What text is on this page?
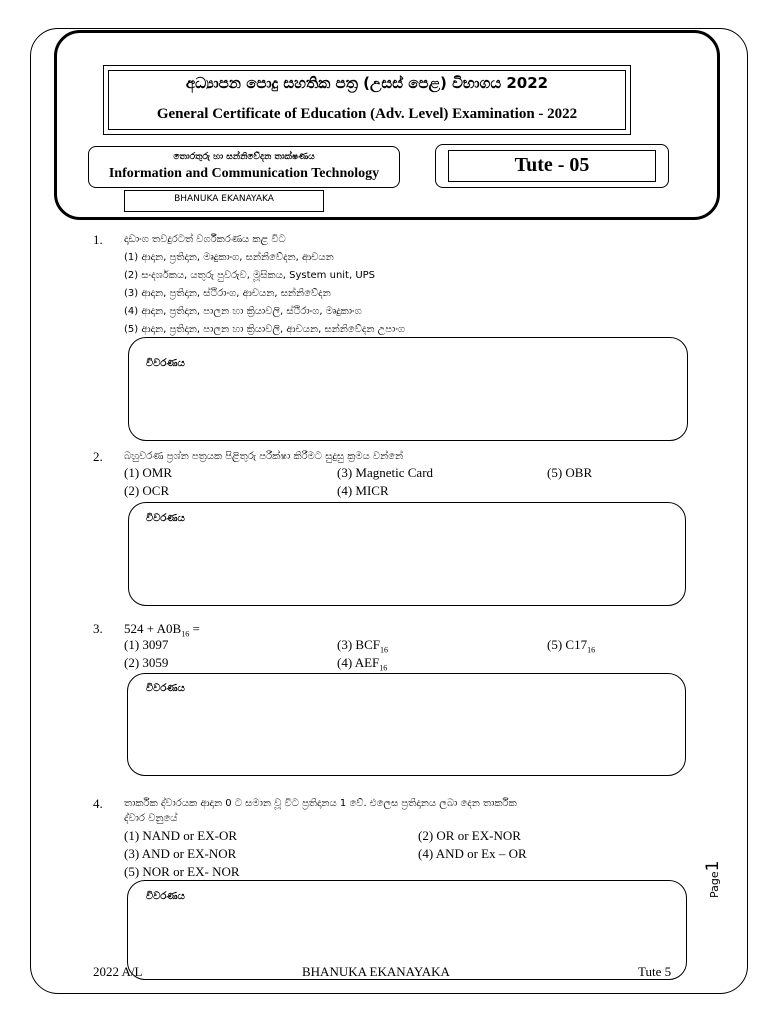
අධ්‍යාපන පොදු සහතික පත්‍ර (උසස් පෙළ) විභාගය 2022
General Certificate of Education (Adv. Level) Examination - 2022
තොරතුරු හා සන්නිවේදන තාක්ෂණය
Information and Communication Technology
BHANUKA EKANAYAKA
Tute - 05
1. දෘඩාංග තවදුරටත් වර්ගීකරණය කළ විට
(1) ආදාන, ප්‍රතිදාන, මෘදුකාංග, සන්නිවේදන, ආචයන
(2) සංදර්ශකය, යතුරු පුවරුව, මූසිකය, System unit, UPS
(3) ආදාන, ප්‍රතිදාන, ස්ථිරාංග, ආචයන, සන්නිවේදන
(4) ආදාන, ප්‍රතිදාන, පාලන හා ක්‍රියාවලි, ස්ථිරාංග, මෘදුකාංග
(5) ආදාන, ප්‍රතිදාන, පාලන හා ක්‍රියාවලි, ආචයන, සන්නිවේදන උපාංග
විවරණය
2. බහුවරණ ප්‍රශ්න පත්‍රයක පිළිතුරු පරීක්ෂා කිරීමට සුදුසු ක්‍රමය වන්නේ
(1) OMR	(3) Magnetic Card	(5) OBR
(2) OCR	(4) MICR
විවරණය
3. $524 + A0B_{16}$ =
(1) 3097	(3) $BCF_{16}$	(5) $C17_{16}$
(2) 3059	(4) $AEF_{16}$
විවරණය
4. තාර්කික ද්වාරයක ආදාන 0 ට සමාන වූ විට ප්‍රතිදානය 1 වේ. එලෙස ප්‍රතිදානය ලබා දෙන තාර්කික
ද්වාර වනුයේ
(1) NAND or EX-OR	(2) OR or EX-NOR
(3) AND or EX-NOR	(4) AND or Ex – OR
(5) NOR or EX- NOR
විවරණය	Page1
2022 A/L	BHANUKA EKANAYAKA	Tute 5
